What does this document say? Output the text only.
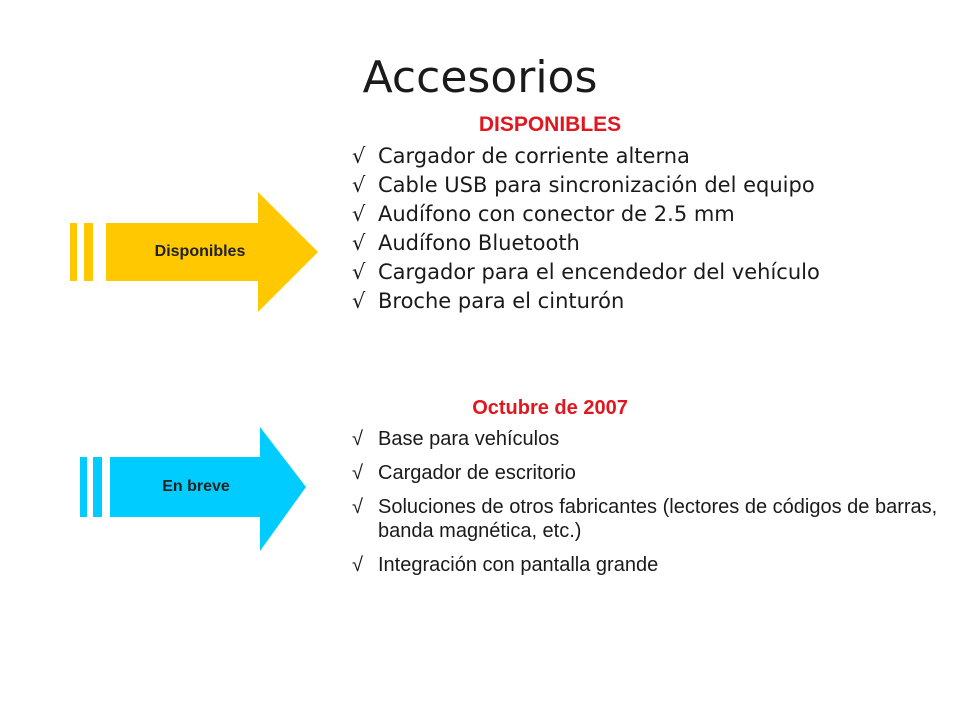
Accesorios
Disponibles
En breve
DISPONIBLES
√ Cargador de corriente alterna
√ Cable USB para sincronización del equipo
√ Audífono con conector de 2.5 mm
√ Audífono Bluetooth
√ Cargador para el encendedor del vehículo
√ Broche para el cinturón
Octubre de 2007
√ Base para vehículos
√ Cargador de escritorio
√ Soluciones de otros fabricantes (lectores de códigos de barras, banda magnética, etc.)
√ Integración con pantalla grande
